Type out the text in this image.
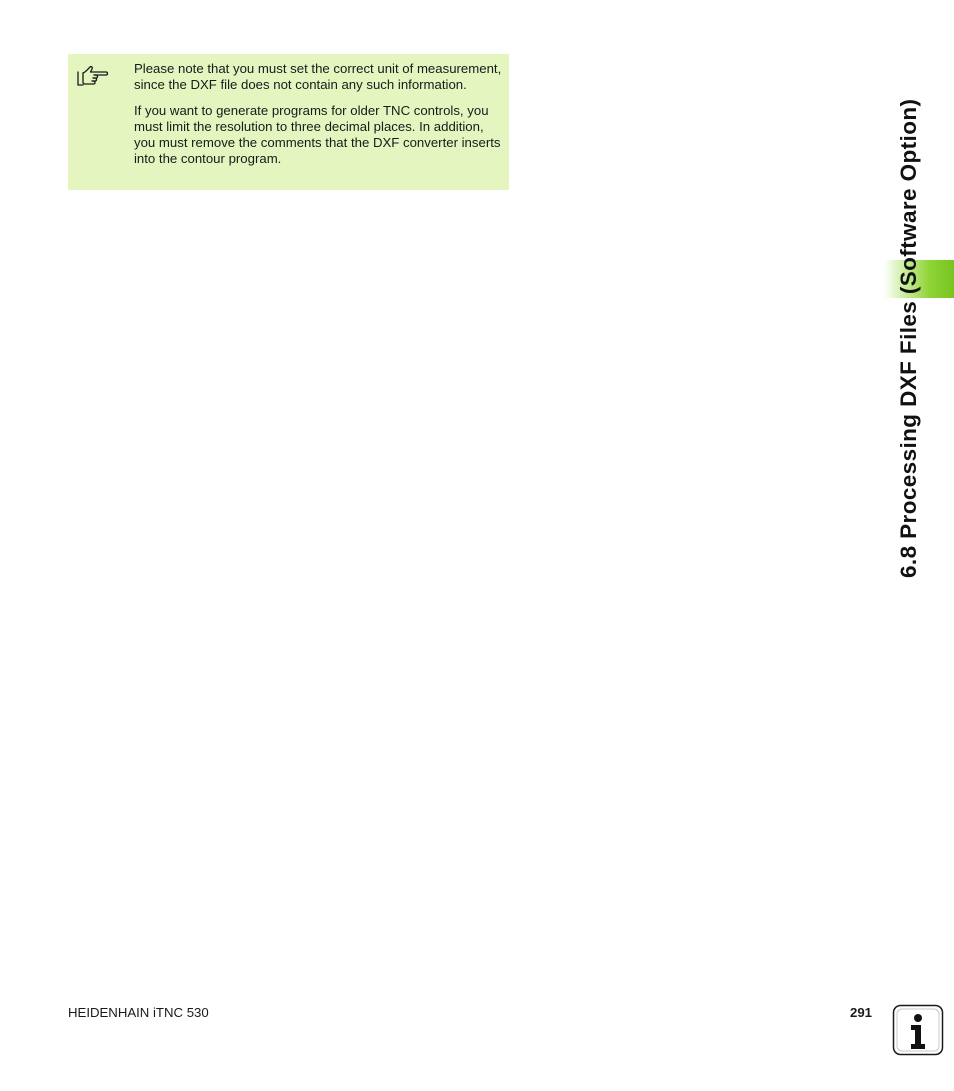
Please note that you must set the correct unit of measurement, since the DXF file does not contain any such information.

If you want to generate programs for older TNC controls, you must limit the resolution to three decimal places. In addition, you must remove the comments that the DXF converter inserts into the contour program.	6.8 Processing DXF Files (Software Option)
HEIDENHAIN iTNC 530	291
